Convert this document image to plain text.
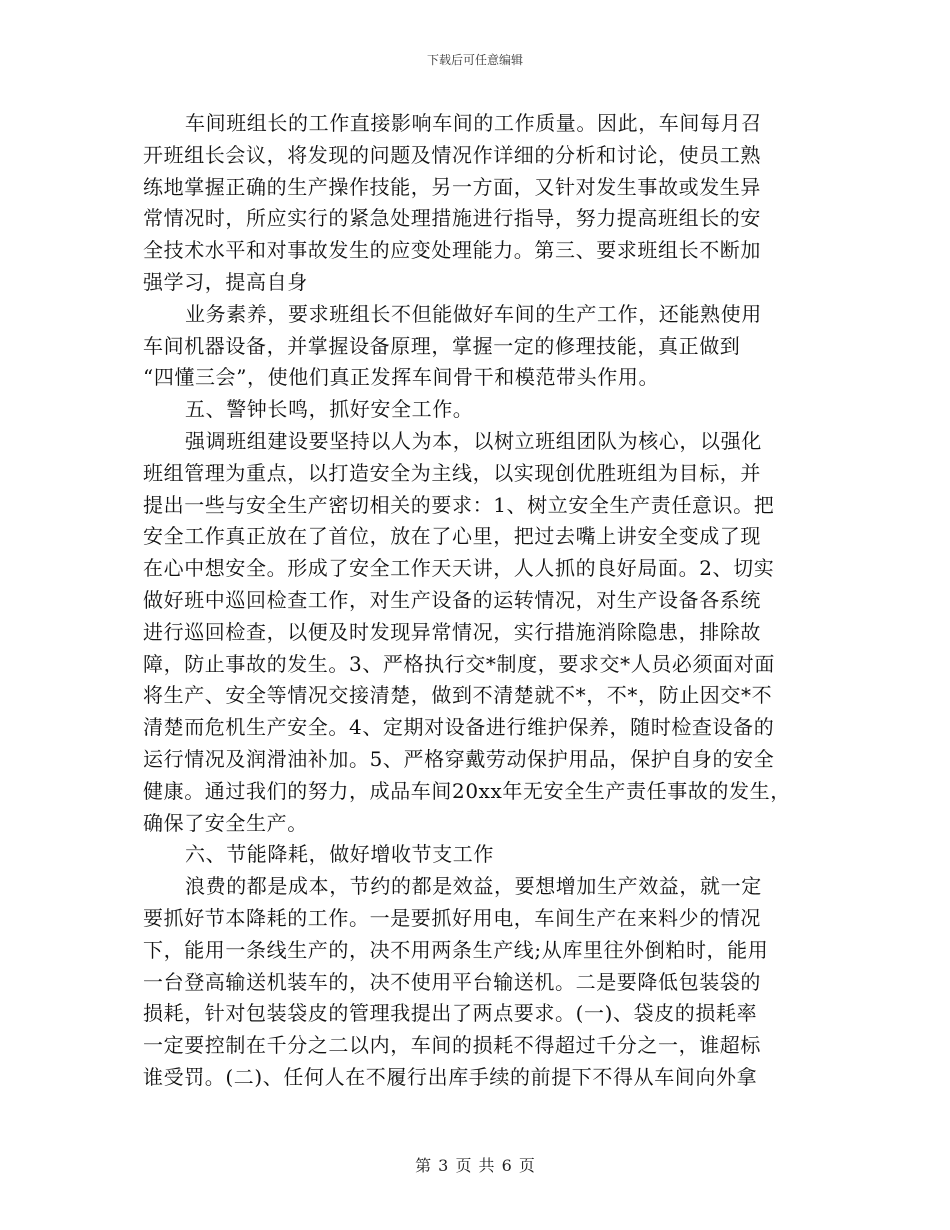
下载后可任意编辑
车间班组长的工作直接影响车间的工作质量。因此，车间每月召
开班组长会议，将发现的问题及情况作详细的分析和讨论，使员工熟
练地掌握正确的生产操作技能，另一方面，又针对发生事故或发生异
常情况时，所应实行的紧急处理措施进行指导，努力提高班组长的安
全技术水平和对事故发生的应变处理能力。第三、要求班组长不断加
强学习，提高自身
业务素养，要求班组长不但能做好车间的生产工作，还能熟使用
车间机器设备，并掌握设备原理，掌握一定的修理技能，真正做到
“四懂三会”，使他们真正发挥车间骨干和模范带头作用。
五、警钟长鸣，抓好安全工作。
强调班组建设要坚持以人为本，以树立班组团队为核心，以强化
班组管理为重点，以打造安全为主线，以实现创优胜班组为目标，并
提出一些与安全生产密切相关的要求：1、树立安全生产责任意识。把
安全工作真正放在了首位，放在了心里，把过去嘴上讲安全变成了现
在心中想安全。形成了安全工作天天讲，人人抓的良好局面。2、切实
做好班中巡回检查工作，对生产设备的运转情况，对生产设备各系统
进行巡回检查，以便及时发现异常情况，实行措施消除隐患，排除故
障，防止事故的发生。3、严格执行交*制度，要求交*人员必须面对面
将生产、安全等情况交接清楚，做到不清楚就不*，不*，防止因交*不
清楚而危机生产安全。4、定期对设备进行维护保养，随时检查设备的
运行情况及润滑油补加。5、严格穿戴劳动保护用品，保护自身的安全
健康。通过我们的努力，成品车间20xx年无安全生产责任事故的发生，
确保了安全生产。
六、节能降耗，做好增收节支工作
浪费的都是成本，节约的都是效益，要想增加生产效益，就一定
要抓好节本降耗的工作。一是要抓好用电，车间生产在来料少的情况
下，能用一条线生产的，决不用两条生产线;从库里往外倒粕时，能用
一台登高输送机装车的，决不使用平台输送机。二是要降低包装袋的
损耗，针对包装袋皮的管理我提出了两点要求。(一)、袋皮的损耗率
一定要控制在千分之二以内，车间的损耗不得超过千分之一，谁超标
谁受罚。(二)、任何人在不履行出库手续的前提下不得从车间向外拿
第 3 页 共 6 页
